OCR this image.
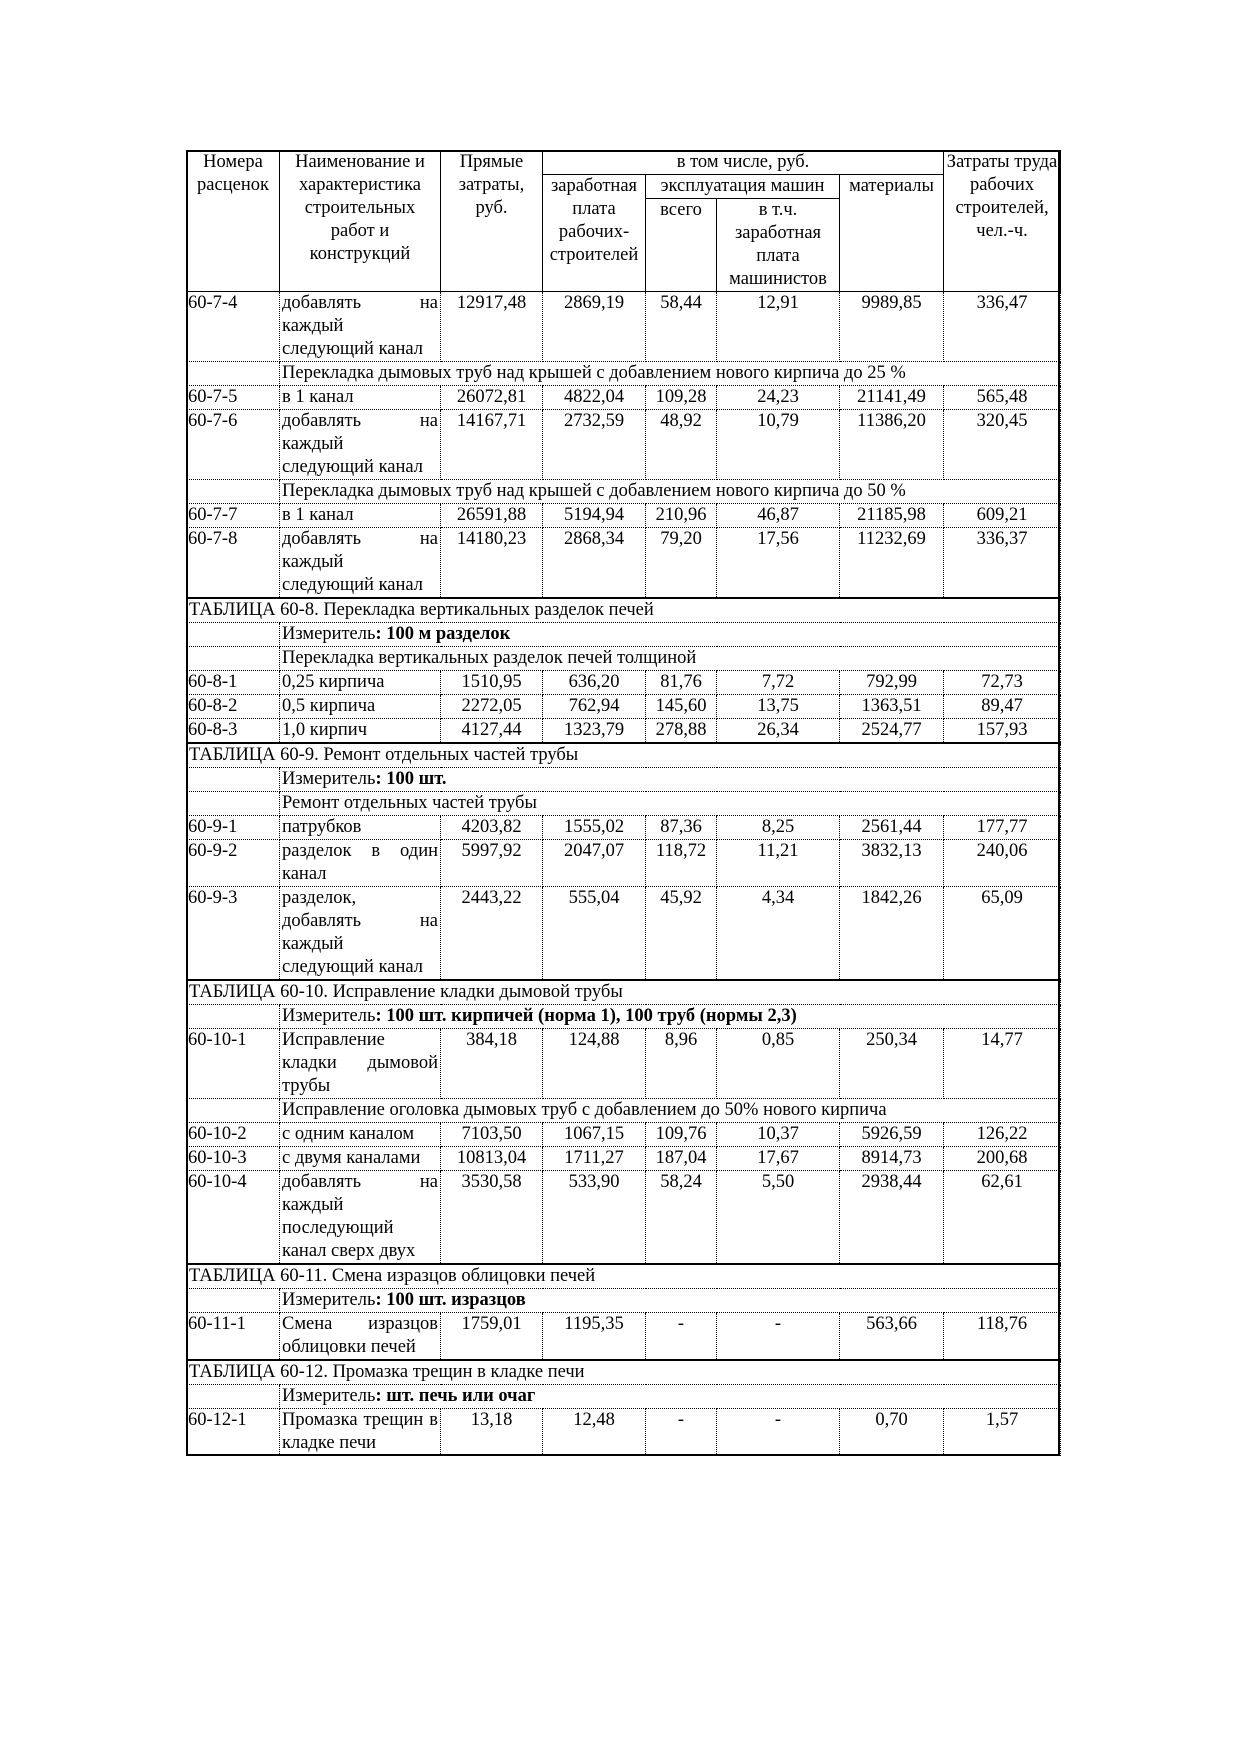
Номера расценок	Наименование и характеристика строительных работ и конструкций	Прямые затраты, руб.	в том числе, руб.				Затраты труда рабочих строителей, чел.-ч.
			заработная плата рабочих-строителей	эксплуатация машин		материалы	
				всего	в т.ч. заработная плата машинистов		
60-7-4	добавлять на каждый следующий канал	12917,48	2869,19	58,44	12,91	9989,85	336,47
	Перекладка дымовых труб над крышей с добавлением нового кирпича до 25 %						
60-7-5	в 1 канал	26072,81	4822,04	109,28	24,23	21141,49	565,48
60-7-6	добавлять на каждый следующий канал	14167,71	2732,59	48,92	10,79	11386,20	320,45
	Перекладка дымовых труб над крышей с добавлением нового кирпича до 50 %						
60-7-7	в 1 канал	26591,88	5194,94	210,96	46,87	21185,98	609,21
60-7-8	добавлять на каждый следующий канал	14180,23	2868,34	79,20	17,56	11232,69	336,37
ТАБЛИЦА 60-8. Перекладка вертикальных разделок печей							
	Измеритель: 100 м разделок						
	Перекладка вертикальных разделок печей толщиной						
60-8-1	0,25 кирпича	1510,95	636,20	81,76	7,72	792,99	72,73
60-8-2	0,5 кирпича	2272,05	762,94	145,60	13,75	1363,51	89,47
60-8-3	1,0 кирпич	4127,44	1323,79	278,88	26,34	2524,77	157,93
ТАБЛИЦА 60-9. Ремонт отдельных частей трубы							
	Измеритель: 100 шт.						
	Ремонт отдельных частей трубы						
60-9-1	патрубков	4203,82	1555,02	87,36	8,25	2561,44	177,77
60-9-2	разделок в один канал	5997,92	2047,07	118,72	11,21	3832,13	240,06
60-9-3	разделок, добавлять на каждый следующий канал	2443,22	555,04	45,92	4,34	1842,26	65,09
ТАБЛИЦА 60-10. Исправление кладки дымовой трубы							
	Измеритель: 100 шт. кирпичей (норма 1), 100 труб (нормы 2,3)						
60-10-1	Исправление кладки дымовой трубы	384,18	124,88	8,96	0,85	250,34	14,77
	Исправление оголовка дымовых труб с добавлением до 50% нового кирпича						
60-10-2	с одним каналом	7103,50	1067,15	109,76	10,37	5926,59	126,22
60-10-3	с двумя каналами	10813,04	1711,27	187,04	17,67	8914,73	200,68
60-10-4	добавлять на каждый последующий канал сверх двух	3530,58	533,90	58,24	5,50	2938,44	62,61
ТАБЛИЦА 60-11. Смена изразцов облицовки печей							
	Измеритель: 100 шт. изразцов						
60-11-1	Смена изразцов облицовки печей	1759,01	1195,35	-	-	563,66	118,76
ТАБЛИЦА 60-12. Промазка трещин в кладке печи							
	Измеритель: шт. печь или очаг						
60-12-1	Промазка трещин в кладке печи	13,18	12,48	-	-	0,70	1,57
